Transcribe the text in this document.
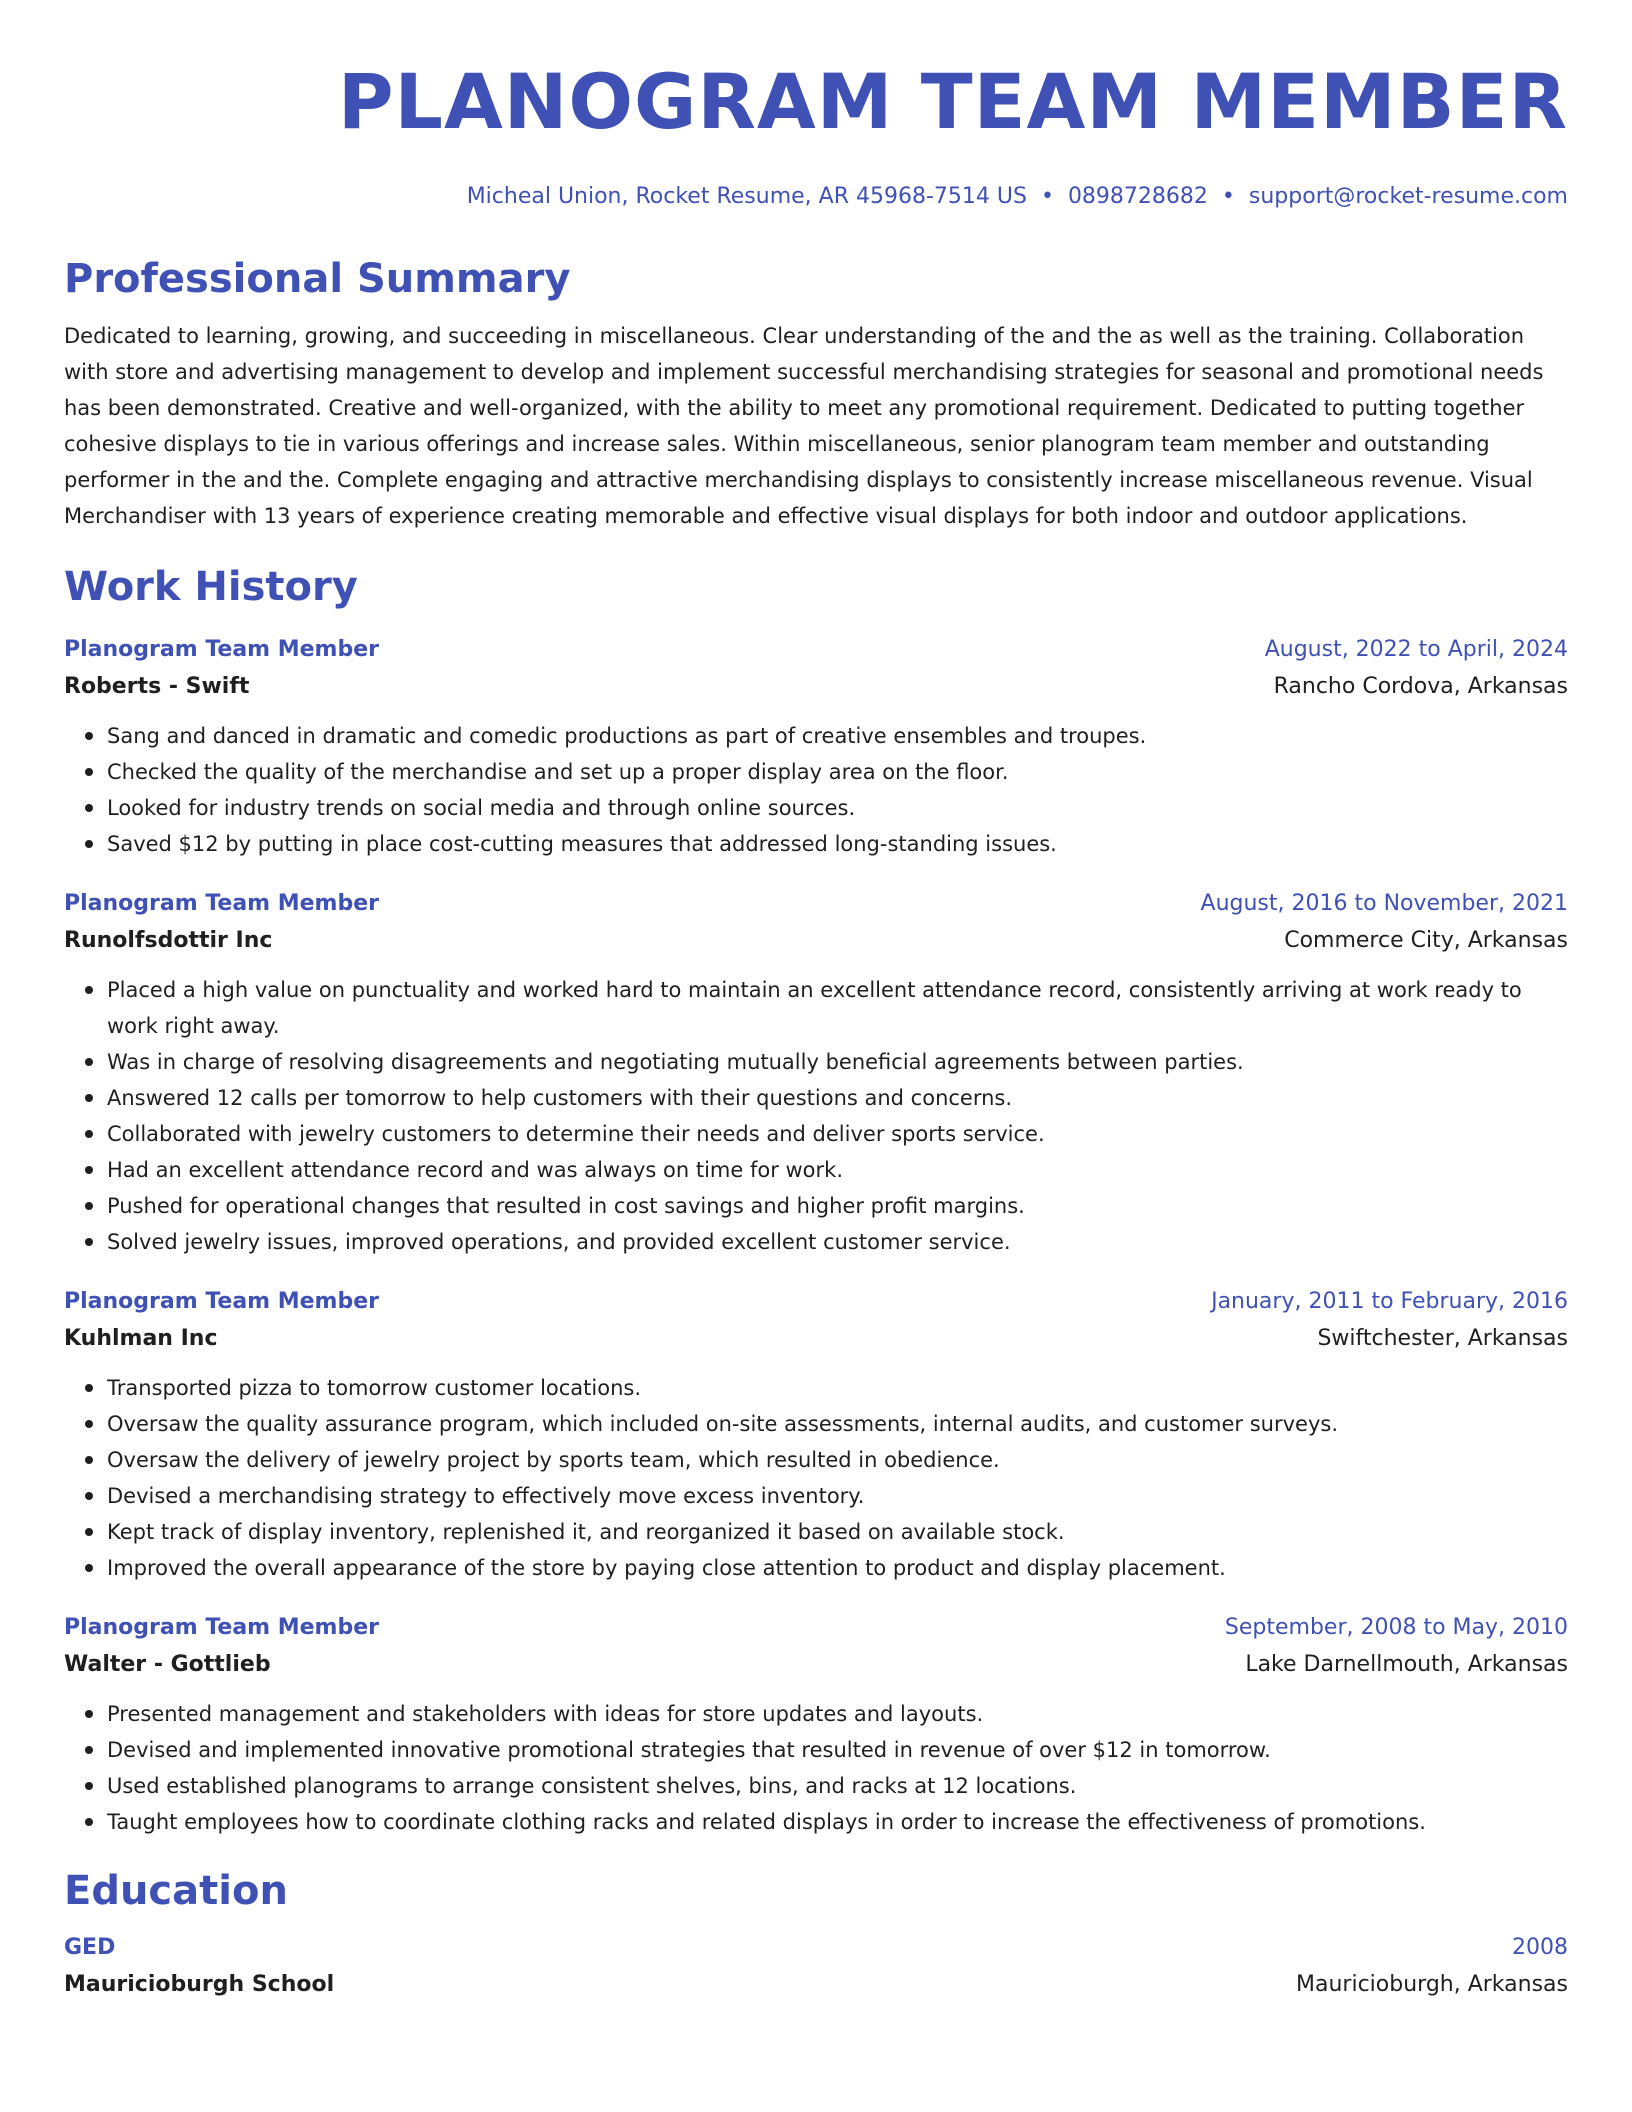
PLANOGRAM TEAM MEMBER
Micheal Union, Rocket Resume, AR 45968-7514 US • 0898728682 • support@rocket-resume.com
Professional Summary
Dedicated to learning, growing, and succeeding in miscellaneous. Clear understanding of the and the as well as the training. Collaboration with store and advertising management to develop and implement successful merchandising strategies for seasonal and promotional needs has been demonstrated. Creative and well-organized, with the ability to meet any promotional requirement. Dedicated to putting together cohesive displays to tie in various offerings and increase sales. Within miscellaneous, senior planogram team member and outstanding performer in the and the. Complete engaging and attractive merchandising displays to consistently increase miscellaneous revenue. Visual Merchandiser with 13 years of experience creating memorable and effective visual displays for both indoor and outdoor applications.
Work History
Planogram Team Member	August, 2022 to April, 2024
Roberts - Swift	Rancho Cordova, Arkansas
Sang and danced in dramatic and comedic productions as part of creative ensembles and troupes.
Checked the quality of the merchandise and set up a proper display area on the floor.
Looked for industry trends on social media and through online sources.
Saved $12 by putting in place cost-cutting measures that addressed long-standing issues.
Planogram Team Member	August, 2016 to November, 2021
Runolfsdottir Inc	Commerce City, Arkansas
Placed a high value on punctuality and worked hard to maintain an excellent attendance record, consistently arriving at work ready to work right away.
Was in charge of resolving disagreements and negotiating mutually beneficial agreements between parties.
Answered 12 calls per tomorrow to help customers with their questions and concerns.
Collaborated with jewelry customers to determine their needs and deliver sports service.
Had an excellent attendance record and was always on time for work.
Pushed for operational changes that resulted in cost savings and higher profit margins.
Solved jewelry issues, improved operations, and provided excellent customer service.
Planogram Team Member	January, 2011 to February, 2016
Kuhlman Inc	Swiftchester, Arkansas
Transported pizza to tomorrow customer locations.
Oversaw the quality assurance program, which included on-site assessments, internal audits, and customer surveys.
Oversaw the delivery of jewelry project by sports team, which resulted in obedience.
Devised a merchandising strategy to effectively move excess inventory.
Kept track of display inventory, replenished it, and reorganized it based on available stock.
Improved the overall appearance of the store by paying close attention to product and display placement.
Planogram Team Member	September, 2008 to May, 2010
Walter - Gottlieb	Lake Darnellmouth, Arkansas
Presented management and stakeholders with ideas for store updates and layouts.
Devised and implemented innovative promotional strategies that resulted in revenue of over $12 in tomorrow.
Used established planograms to arrange consistent shelves, bins, and racks at 12 locations.
Taught employees how to coordinate clothing racks and related displays in order to increase the effectiveness of promotions.
Education
GED	2008
Mauricioburgh School	Mauricioburgh, Arkansas
